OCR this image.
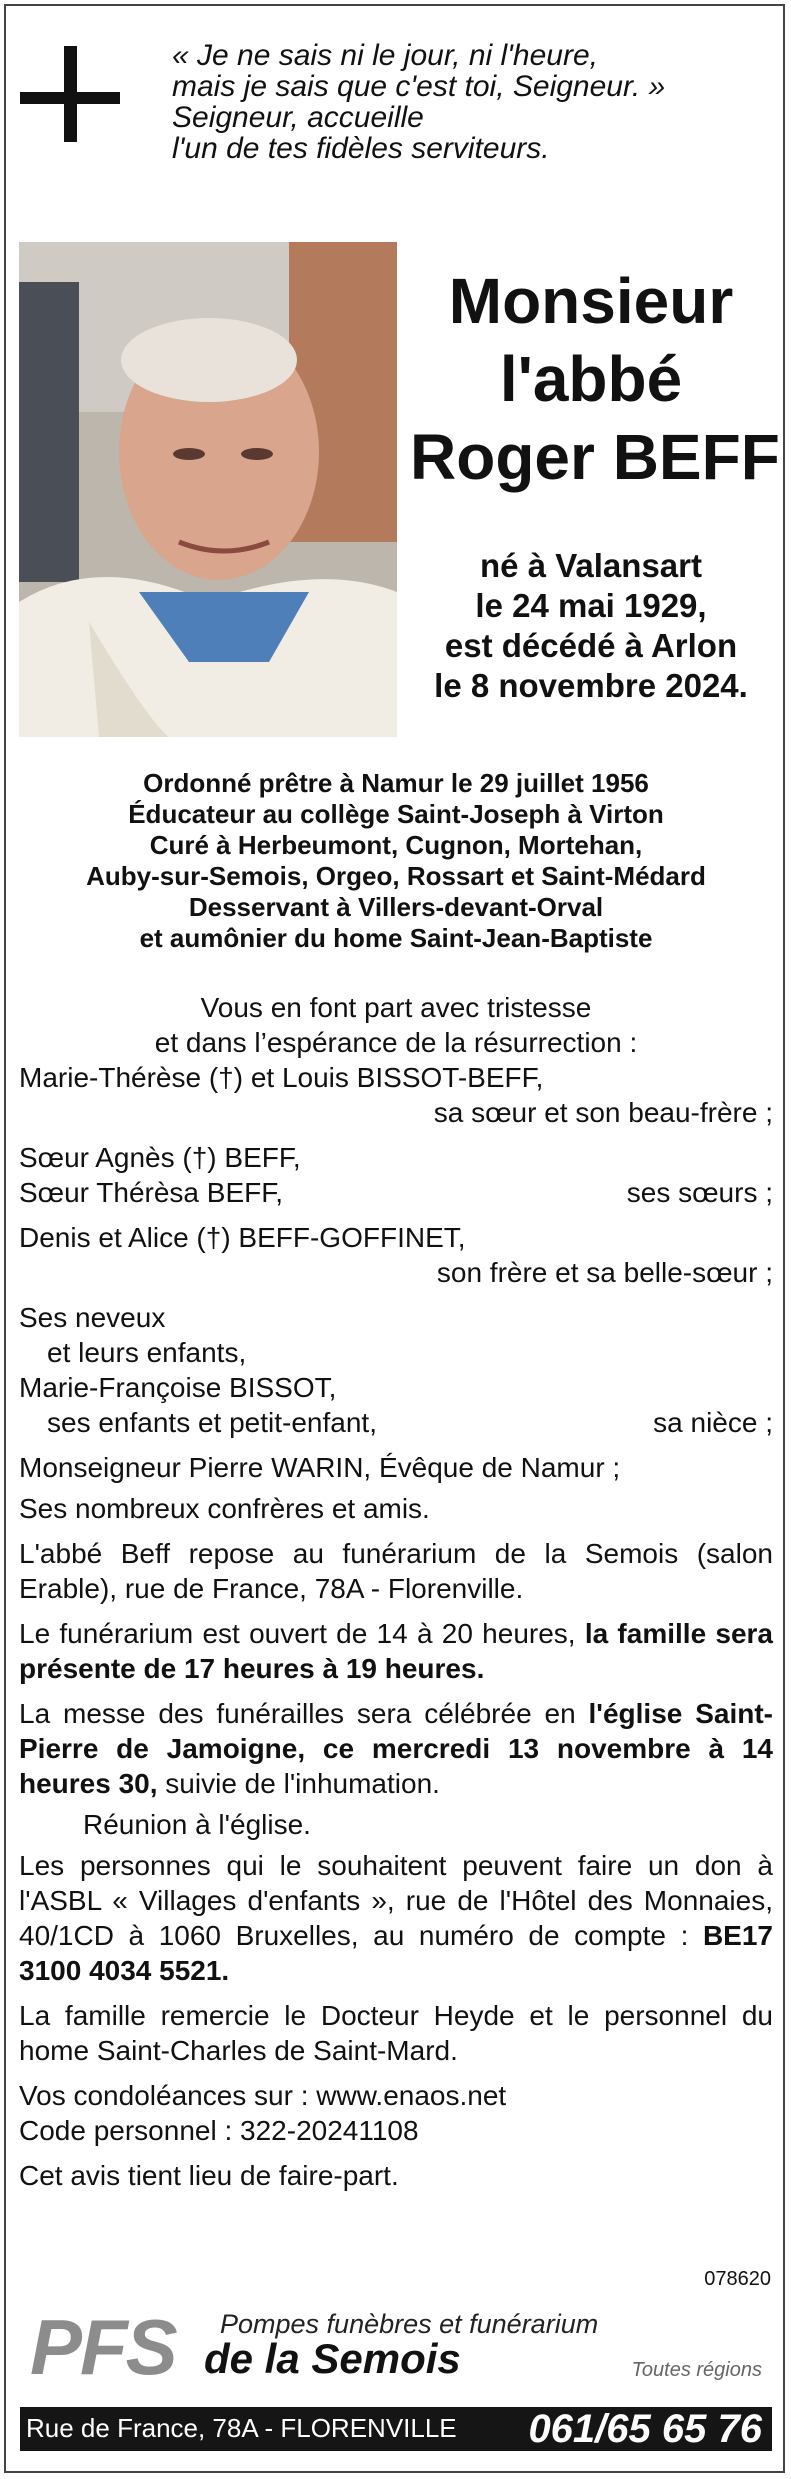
« Je ne sais ni le jour, ni l'heure,
mais je sais que c'est toi, Seigneur. »
Seigneur, accueille
l'un de tes fidèles serviteurs.
Monsieur
l'abbé
Roger BEFF
né à Valansart
le 24 mai 1929,
est décédé à Arlon
le 8 novembre 2024.
Ordonné prêtre à Namur le 29 juillet 1956
Éducateur au collège Saint-Joseph à Virton
Curé à Herbeumont, Cugnon, Mortehan,
Auby-sur-Semois, Orgeo, Rossart et Saint-Médard
Desservant à Villers-devant-Orval
et aumônier du home Saint-Jean-Baptiste
Vous en font part avec tristesse
et dans l’espérance de la résurrection :
Marie-Thérèse (†) et Louis BISSOT-BEFF,
sa sœur et son beau-frère ;
Sœur Agnès (†) BEFF,
Sœur Thérèsa BEFF,	ses sœurs ;
Denis et Alice (†) BEFF-GOFFINET,
son frère et sa belle-sœur ;
Ses neveux
et leurs enfants,
Marie-Françoise BISSOT,
ses enfants et petit-enfant,	sa nièce ;
Monseigneur Pierre WARIN, Évêque de Namur ;
Ses nombreux confrères et amis.
L'abbé Beff repose au funérarium de la Semois (salon Erable), rue de France, 78A - Florenville.
Le funérarium est ouvert de 14 à 20 heures, la famille sera présente de 17 heures à 19 heures.
La messe des funérailles sera célébrée en l'église Saint-Pierre de Jamoigne, ce mercredi 13 novembre à 14 heures 30, suivie de l'inhumation.
Réunion à l'église.
Les personnes qui le souhaitent peuvent faire un don à l'ASBL « Villages d'enfants », rue de l'Hôtel des Monnaies, 40/1CD à 1060 Bruxelles, au numéro de compte : BE17 3100 4034 5521.
La famille remercie le Docteur Heyde et le personnel du home Saint-Charles de Saint-Mard.
Vos condoléances sur : www.enaos.net
Code personnel : 322-20241108
Cet avis tient lieu de faire-part.
078620
PFS Pompes funèbres et funérarium
de la Semois	Toutes régions
Rue de France, 78A - FLORENVILLE 061/65 65 76
